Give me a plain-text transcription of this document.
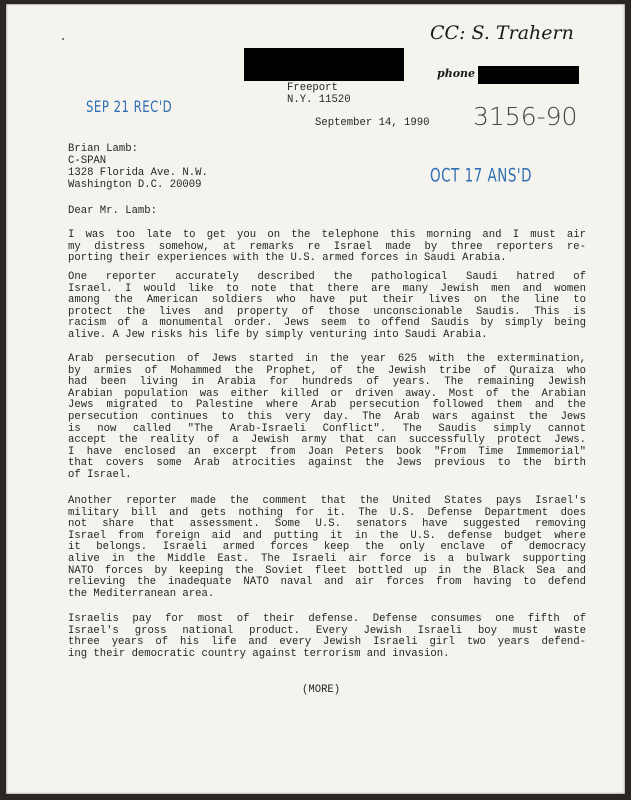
CC: S. Trahern
phone
Freeport
N.Y. 11520
SEP 21 REC'D
September 14, 1990 3156-90
Brian Lamb:
C-SPAN
1328 Florida Ave. N.W.
Washington D.C. 20009	OCT 17 ANS'D
Dear Mr. Lamb:
I was too late to get you on the telephone this morning and I must air
my distress somehow, at remarks re Israel made by three reporters re-
porting their experiences with the U.S. armed forces in Saudi Arabia.
One reporter accurately described the pathological Saudi hatred of
Israel. I would like to note that there are many Jewish men and women
among the American soldiers who have put their lives on the line to
protect the lives and property of those unconscionable Saudis. This is
racism of a monumental order. Jews seem to offend Saudis by simply being
alive. A Jew risks his life by simply venturing into Saudi Arabia.
Arab persecution of Jews started in the year 625 with the extermination,
by armies of Mohammed the Prophet, of the Jewish tribe of Quraiza who
had been living in Arabia for hundreds of years. The remaining Jewish
Arabian population was either killed or driven away. Most of the Arabian
Jews migrated to Palestine where Arab persecution followed them and the
persecution continues to this very day. The Arab wars against the Jews
is now called "The Arab-Israeli Conflict". The Saudis simply cannot
accept the reality of a Jewish army that can successfully protect Jews.
I have enclosed an excerpt from Joan Peters book "From Time Immemorial"
that covers some Arab atrocities against the Jews previous to the birth
of Israel.
Another reporter made the comment that the United States pays Israel's
military bill and gets nothing for it. The U.S. Defense Department does
not share that assessment. Some U.S. senators have suggested removing
Israel from foreign aid and putting it in the U.S. defense budget where
it belongs. Israeli armed forces keep the only enclave of democracy
alive in the Middle East. The Israeli air force is a bulwark supporting
NATO forces by keeping the Soviet fleet bottled up in the Black Sea and
relieving the inadequate NATO naval and air forces from having to defend
the Mediterranean area.
Israelis pay for most of their defense. Defense consumes one fifth of
Israel's gross national product. Every Jewish Israeli boy must waste
three years of his life and every Jewish Israeli girl two years defend-
ing their democratic country against terrorism and invasion.
(MORE)
